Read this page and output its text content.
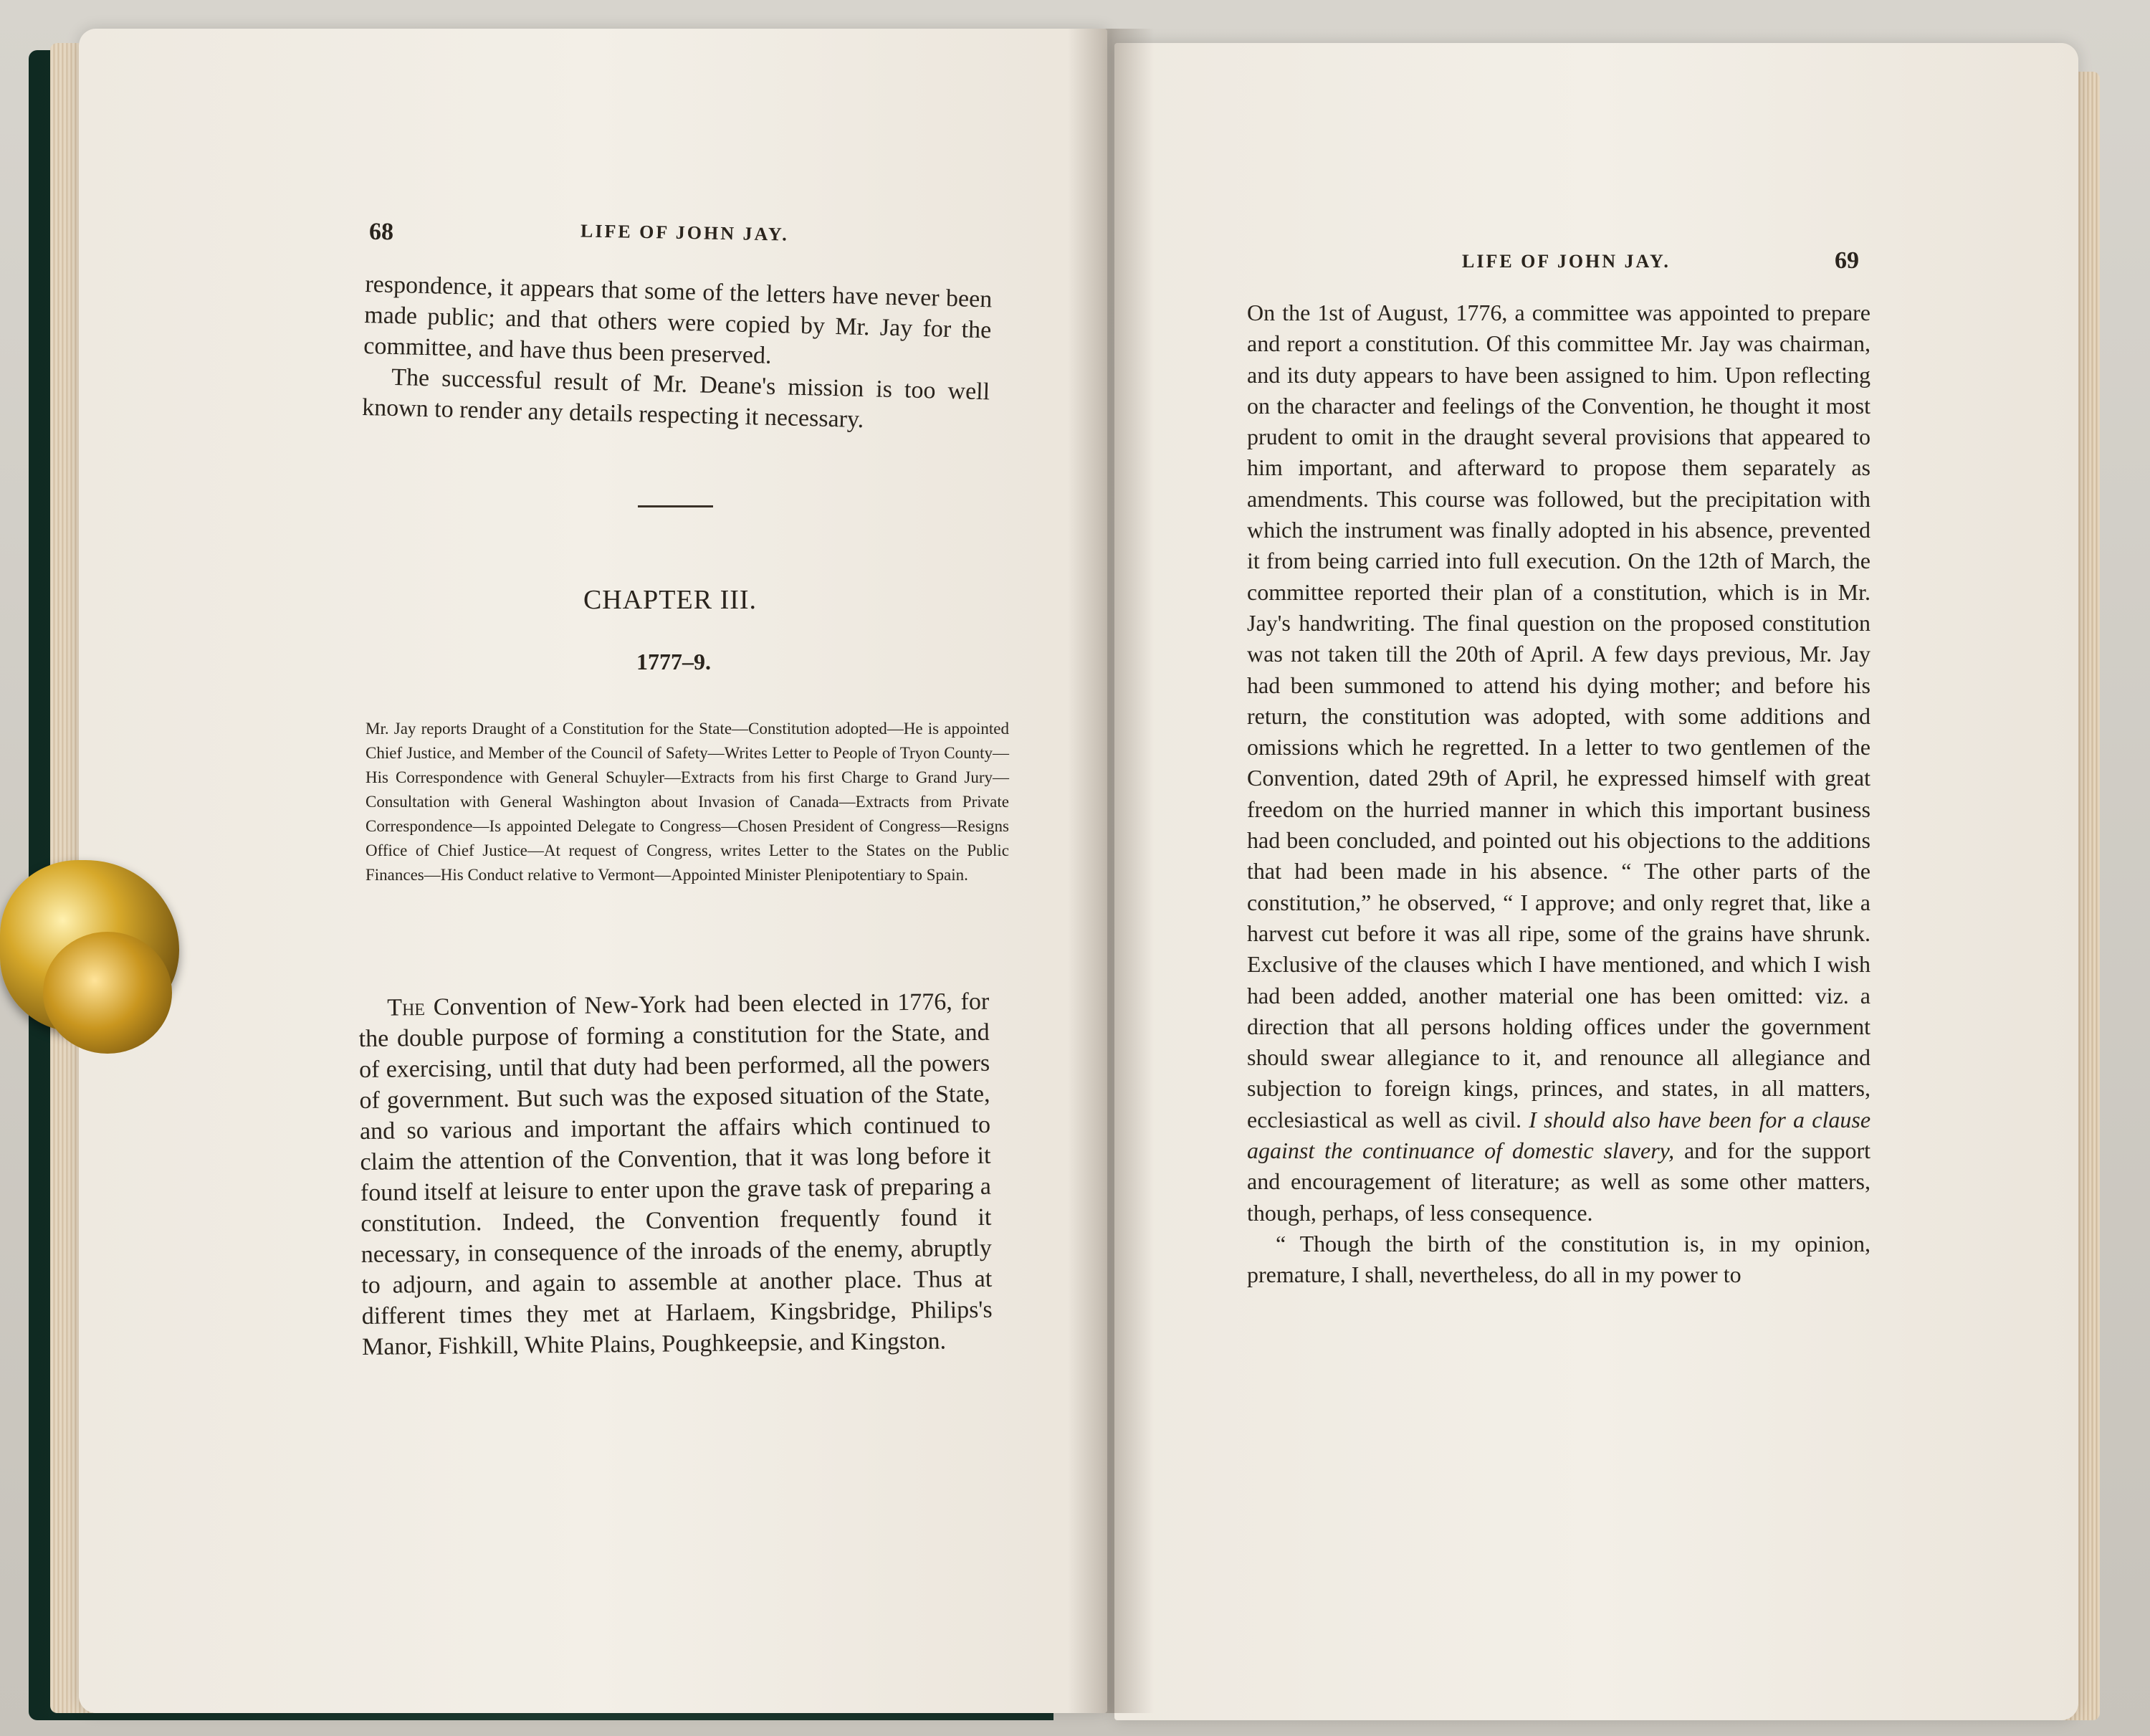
68	LIFE OF JOHN JAY.

respondence, it appears that some of the letters have never been made public; and that others were copied by Mr. Jay for the committee, and have thus been preserved.

The successful result of Mr. Deane's mission is too well known to render any details respecting it necessary.

CHAPTER III.
1777–9.
Mr. Jay reports Draught of a Constitution for the State—Constitution adopted—He is appointed Chief Justice, and Member of the Council of Safety—Writes Letter to People of Tryon County—His Correspondence with General Schuyler—Extracts from his first Charge to Grand Jury—Consultation with General Washington about Invasion of Canada—Extracts from Private Correspondence—Is appointed Delegate to Congress—Chosen President of Congress—Resigns Office of Chief Justice—At request of Congress, writes Letter to the States on the Public Finances—His Conduct relative to Vermont—Appointed Minister Plenipotentiary to Spain.

The Convention of New-York had been elected in 1776, for the double purpose of forming a constitution for the State, and of exercising, until that duty had been performed, all the powers of government. But such was the exposed situation of the State, and so various and important the affairs which continued to claim the attention of the Convention, that it was long before it found itself at leisure to enter upon the grave task of preparing a constitution. Indeed, the Convention frequently found it necessary, in consequence of the inroads of the enemy, abruptly to adjourn, and again to assemble at another place. Thus at different times they met at Harlaem, Kingsbridge, Philips's Manor, Fishkill, White Plains, Poughkeepsie, and Kingston.

LIFE OF JOHN JAY.	69

On the 1st of August, 1776, a committee was appointed to prepare and report a constitution. Of this committee Mr. Jay was chairman, and its duty appears to have been assigned to him. Upon reflecting on the character and feelings of the Convention, he thought it most prudent to omit in the draught several provisions that appeared to him important, and afterward to propose them separately as amendments. This course was followed, but the precipitation with which the instrument was finally adopted in his absence, prevented it from being carried into full execution. On the 12th of March, the committee reported their plan of a constitution, which is in Mr. Jay's handwriting. The final question on the proposed constitution was not taken till the 20th of April. A few days previous, Mr. Jay had been summoned to attend his dying mother; and before his return, the constitution was adopted, with some additions and omissions which he regretted. In a letter to two gentlemen of the Convention, dated 29th of April, he expressed himself with great freedom on the hurried manner in which this important business had been concluded, and pointed out his objections to the additions that had been made in his absence. “ The other parts of the constitution,” he observed, “ I approve; and only regret that, like a harvest cut before it was all ripe, some of the grains have shrunk. Exclusive of the clauses which I have mentioned, and which I wish had been added, another material one has been omitted: viz. a direction that all persons holding offices under the government should swear allegiance to it, and renounce all allegiance and subjection to foreign kings, princes, and states, in all matters, ecclesiastical as well as civil. I should also have been for a clause against the continuance of domestic slavery, and for the support and encouragement of literature; as well as some other matters, though, perhaps, of less consequence.

“ Though the birth of the constitution is, in my opinion, premature, I shall, nevertheless, do all in my power to
